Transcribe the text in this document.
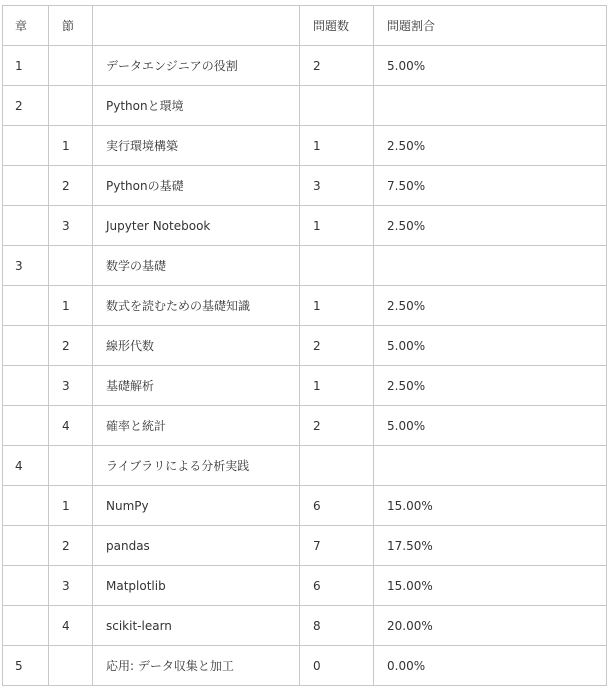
章	節		問題数	問題割合
1		データエンジニアの役割	2	5.00%
2		Pythonと環境		
	1	実行環境構築	1	2.50%
	2	Pythonの基礎	3	7.50%
	3	Jupyter Notebook	1	2.50%
3		数学の基礎		
	1	数式を読むための基礎知識	1	2.50%
	2	線形代数	2	5.00%
	3	基礎解析	1	2.50%
	4	確率と統計	2	5.00%
4		ライブラリによる分析実践		
	1	NumPy	6	15.00%
	2	pandas	7	17.50%
	3	Matplotlib	6	15.00%
	4	scikit-learn	8	20.00%
5		応用: データ収集と加工	0	0.00%
